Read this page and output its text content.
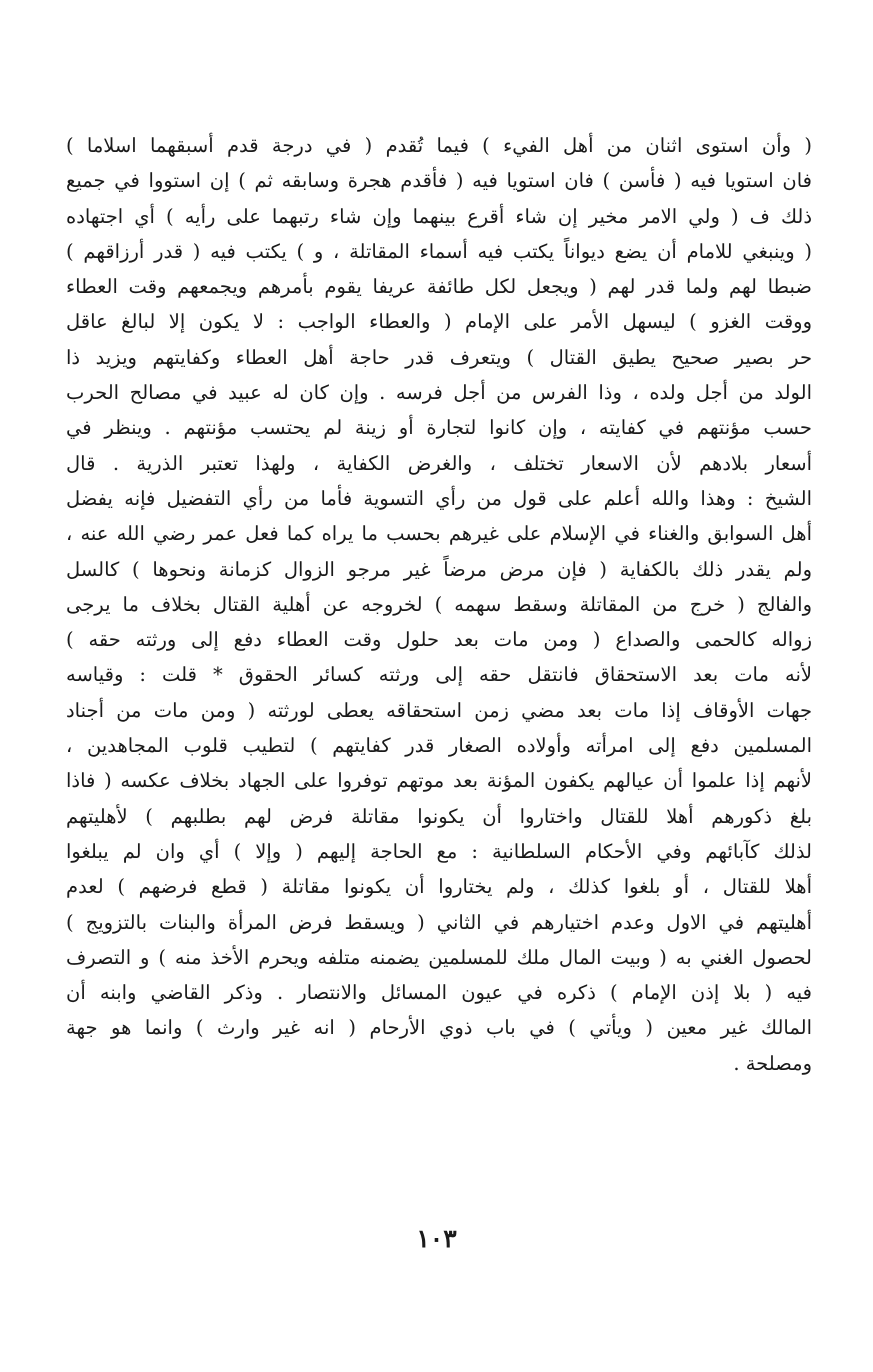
( وأن استوى اثنان من أهل الفيء ) فيما تُقدم ( في درجة قدم أسبقهما اسلاما )
فان استويا فيه ( فأسن ) فان استويا فيه ( فأقدم هجرة وسابقه ثم ) إن استووا في جميع
ذلك ف ( ولي الامر مخير إن شاء أقرع بينهما وإن شاء رتبهما على رأيه ) أي اجتهاده
( وينبغي للامام أن يضع ديواناً يكتب فيه أسماء المقاتلة ، و ) يكتب فيه ( قدر أرزاقهم )
ضبطا لهم ولما قدر لهم ( ويجعل لكل طائفة عريفا يقوم بأمرهم ويجمعهم وقت العطاء
ووقت الغزو ) ليسهل الأمر على الإمام ( والعطاء الواجب : لا يكون إلا لبالغ عاقل
حر بصير صحيح يطيق القتال ) ويتعرف قدر حاجة أهل العطاء وكفايتهم ويزيد ذا
الولد من أجل ولده ، وذا الفرس من أجل فرسه . وإن كان له عبيد في مصالح الحرب
حسب مؤنتهم في كفايته ، وإن كانوا لتجارة أو زينة لم يحتسب مؤنتهم . وينظر في
أسعار بلادهم لأن الاسعار تختلف ، والغرض الكفاية ، ولهذا تعتبر الذرية . قال
الشيخ : وهذا والله أعلم على قول من رأي التسوية فأما من رأي التفضيل فإنه يفضل
أهل السوابق والغناء في الإسلام على غيرهم بحسب ما يراه كما فعل عمر رضي الله عنه ،
ولم يقدر ذلك بالكفاية ( فإن مرض مرضاً غير مرجو الزوال كزمانة ونحوها ) كالسل
والفالج ( خرج من المقاتلة وسقط سهمه ) لخروجه عن أهلية القتال بخلاف ما يرجى
زواله كالحمى والصداع ( ومن مات بعد حلول وقت العطاء دفع إلى ورثته حقه )
لأنه مات بعد الاستحقاق فانتقل حقه إلى ورثته كسائر الحقوق * قلت : وقياسه
جهات الأوقاف إذا مات بعد مضي زمن استحقاقه يعطى لورثته ( ومن مات من أجناد
المسلمين دفع إلى امرأته وأولاده الصغار قدر كفايتهم ) لتطيب قلوب المجاهدين ،
لأنهم إذا علموا أن عيالهم يكفون المؤنة بعد موتهم توفروا على الجهاد بخلاف عكسه ( فاذا
بلغ ذكورهم أهلا للقتال واختاروا أن يكونوا مقاتلة فرض لهم بطلبهم ) لأهليتهم
لذلك كآبائهم وفي الأحكام السلطانية : مع الحاجة إليهم ( وإلا ) أي وان لم يبلغوا
أهلا للقتال ، أو بلغوا كذلك ، ولم يختاروا أن يكونوا مقاتلة ( قطع فرضهم ) لعدم
أهليتهم في الاول وعدم اختيارهم في الثاني ( ويسقط فرض المرأة والبنات بالتزويج )
لحصول الغني به ( وبيت المال ملك للمسلمين يضمنه متلفه ويحرم الأخذ منه ) و التصرف
فيه ( بلا إذن الإمام ) ذكره في عيون المسائل والانتصار . وذكر القاضي وابنه أن
المالك غير معين ( ويأتي ) في باب ذوي الأرحام ( انه غير وارث ) وانما هو جهة
ومصلحة .
١٠٣
